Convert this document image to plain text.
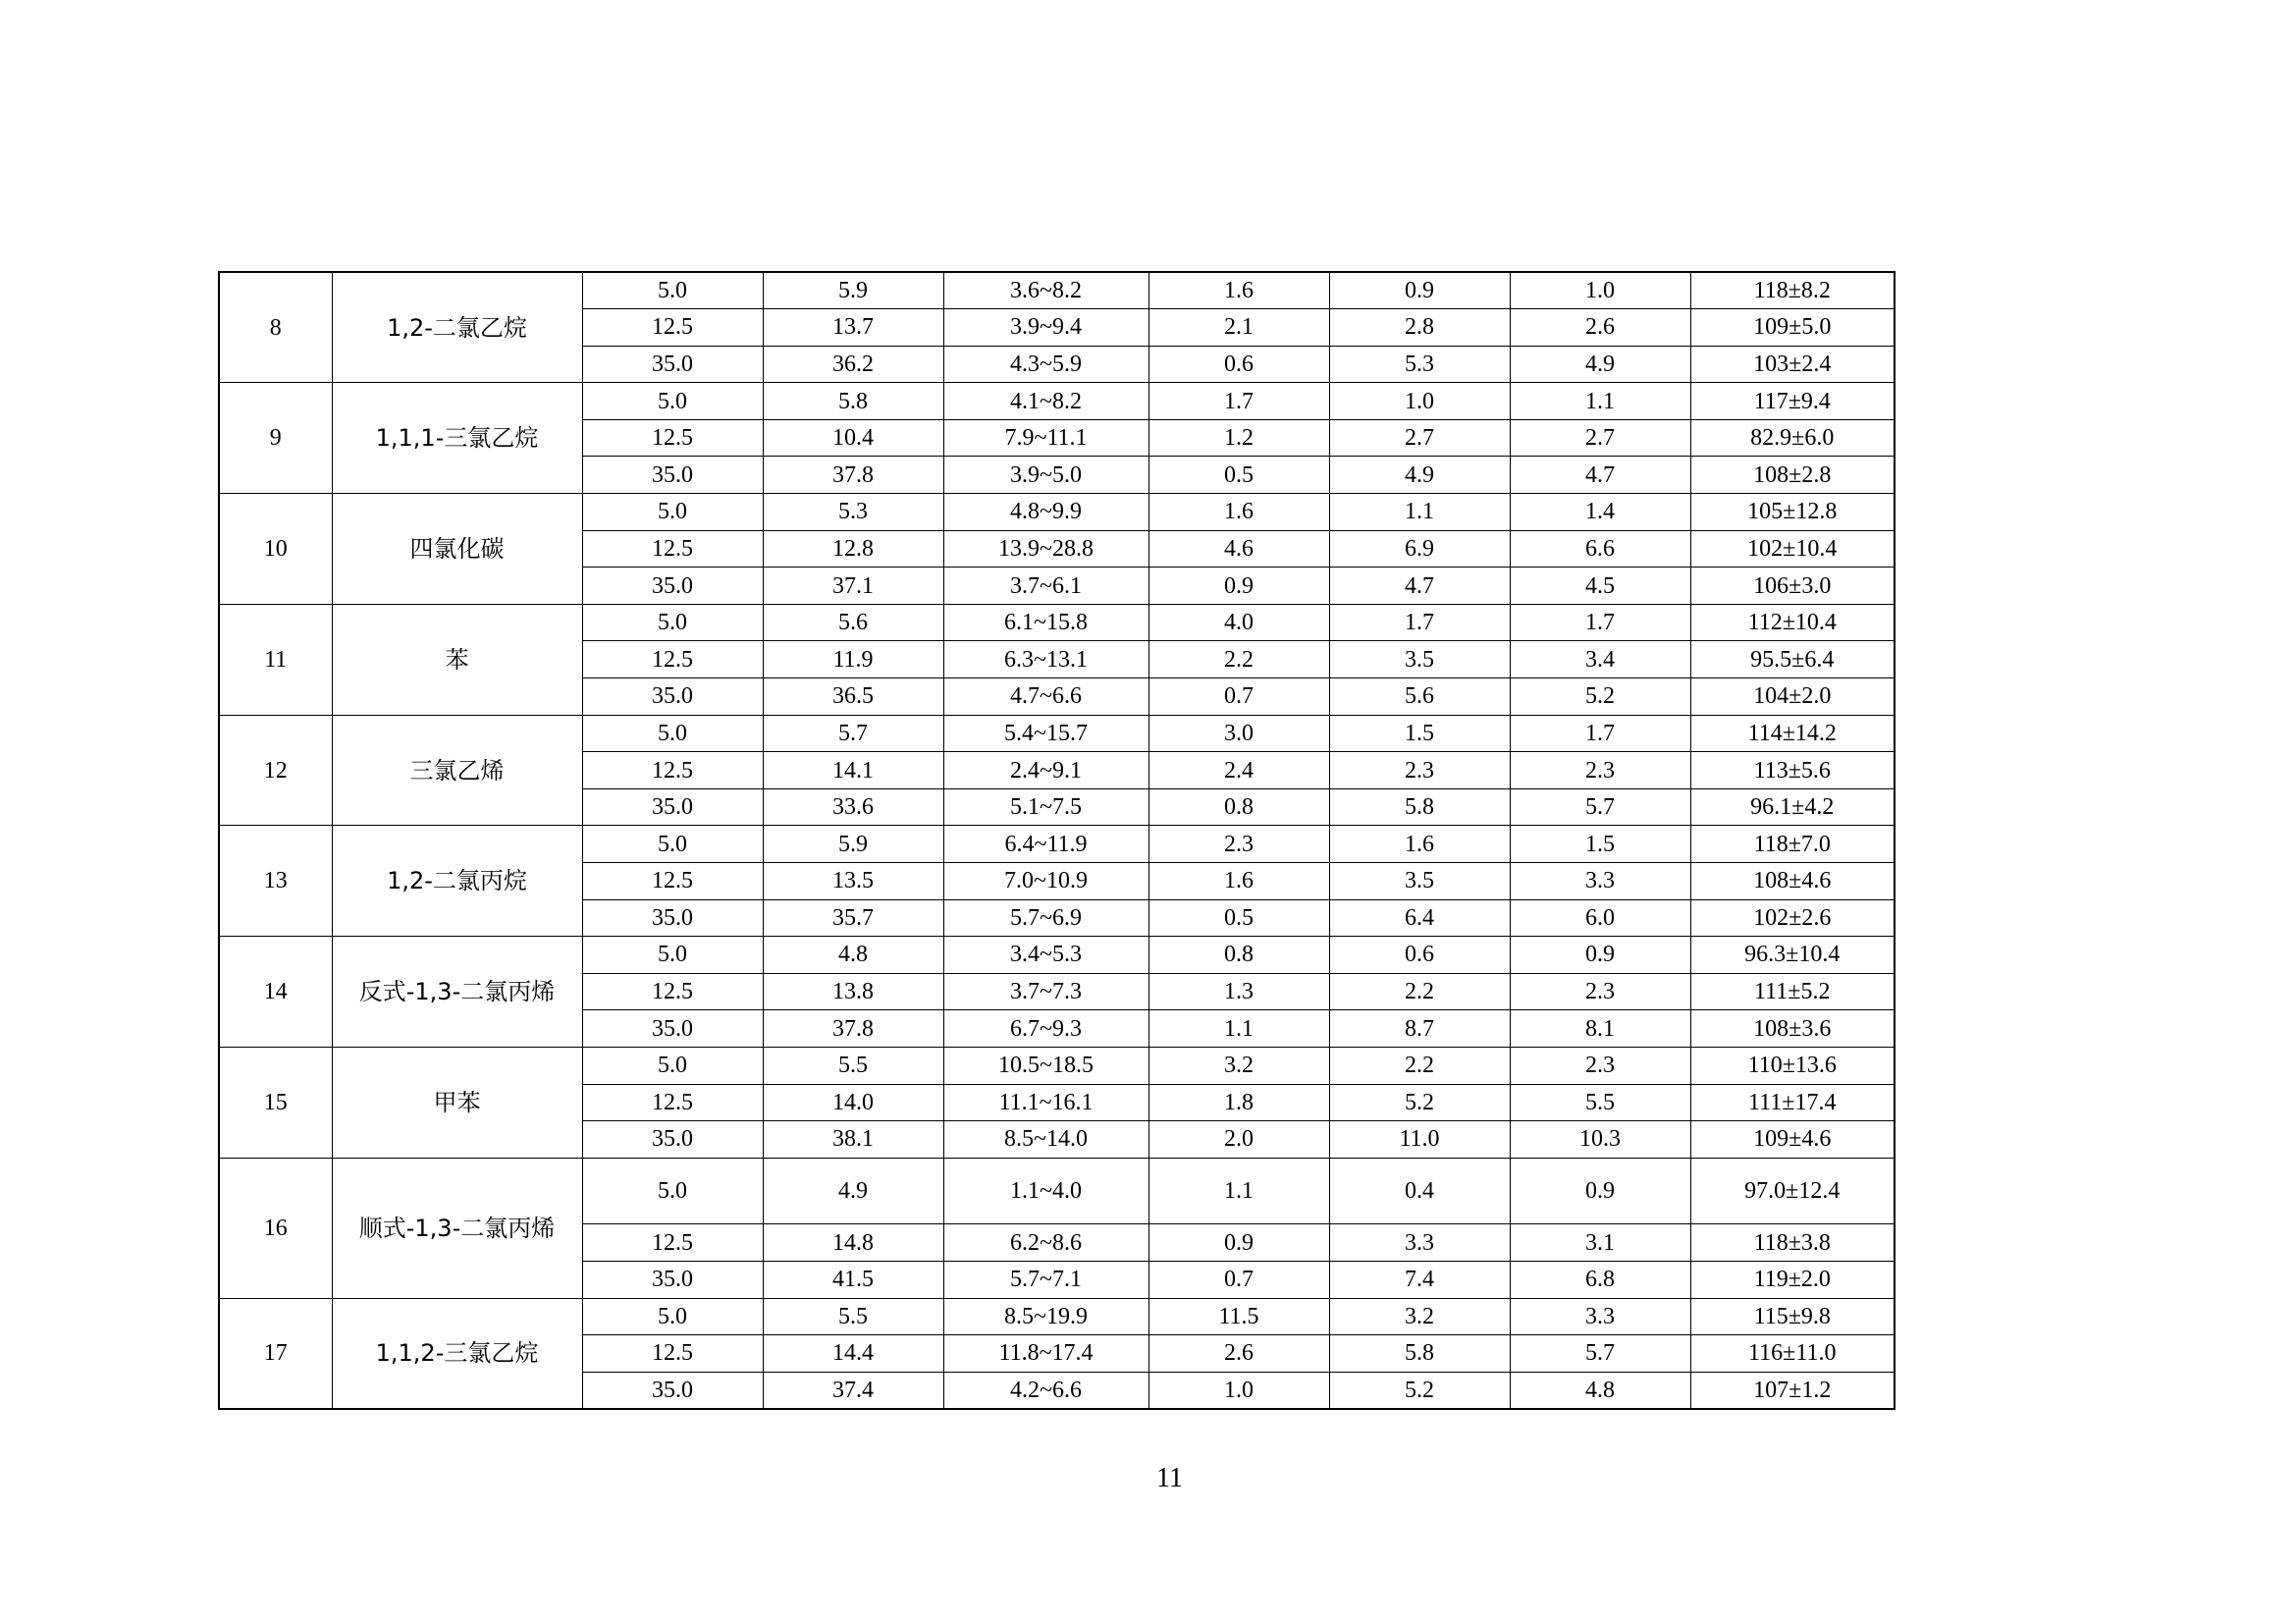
8	1,2-二氯乙烷	5.0	5.9	3.6~8.2	1.6	0.9	1.0	118±8.2
		12.5	13.7	3.9~9.4	2.1	2.8	2.6	109±5.0
		35.0	36.2	4.3~5.9	0.6	5.3	4.9	103±2.4
9	1,1,1-三氯乙烷	5.0	5.8	4.1~8.2	1.7	1.0	1.1	117±9.4
		12.5	10.4	7.9~11.1	1.2	2.7	2.7	82.9±6.0
		35.0	37.8	3.9~5.0	0.5	4.9	4.7	108±2.8
10	四氯化碳	5.0	5.3	4.8~9.9	1.6	1.1	1.4	105±12.8
		12.5	12.8	13.9~28.8	4.6	6.9	6.6	102±10.4
		35.0	37.1	3.7~6.1	0.9	4.7	4.5	106±3.0
11	苯	5.0	5.6	6.1~15.8	4.0	1.7	1.7	112±10.4
		12.5	11.9	6.3~13.1	2.2	3.5	3.4	95.5±6.4
		35.0	36.5	4.7~6.6	0.7	5.6	5.2	104±2.0
12	三氯乙烯	5.0	5.7	5.4~15.7	3.0	1.5	1.7	114±14.2
		12.5	14.1	2.4~9.1	2.4	2.3	2.3	113±5.6
		35.0	33.6	5.1~7.5	0.8	5.8	5.7	96.1±4.2
13	1,2-二氯丙烷	5.0	5.9	6.4~11.9	2.3	1.6	1.5	118±7.0
		12.5	13.5	7.0~10.9	1.6	3.5	3.3	108±4.6
		35.0	35.7	5.7~6.9	0.5	6.4	6.0	102±2.6
14	反式-1,3-二氯丙烯	5.0	4.8	3.4~5.3	0.8	0.6	0.9	96.3±10.4
		12.5	13.8	3.7~7.3	1.3	2.2	2.3	111±5.2
		35.0	37.8	6.7~9.3	1.1	8.7	8.1	108±3.6
15	甲苯	5.0	5.5	10.5~18.5	3.2	2.2	2.3	110±13.6
		12.5	14.0	11.1~16.1	1.8	5.2	5.5	111±17.4
		35.0	38.1	8.5~14.0	2.0	11.0	10.3	109±4.6
16	顺式-1,3-二氯丙烯	5.0	4.9	1.1~4.0	1.1	0.4	0.9	97.0±12.4
		12.5	14.8	6.2~8.6	0.9	3.3	3.1	118±3.8
		35.0	41.5	5.7~7.1	0.7	7.4	6.8	119±2.0
17	1,1,2-三氯乙烷	5.0	5.5	8.5~19.9	11.5	3.2	3.3	115±9.8
		12.5	14.4	11.8~17.4	2.6	5.8	5.7	116±11.0
		35.0	37.4	4.2~6.6	1.0	5.2	4.8	107±1.2
11
